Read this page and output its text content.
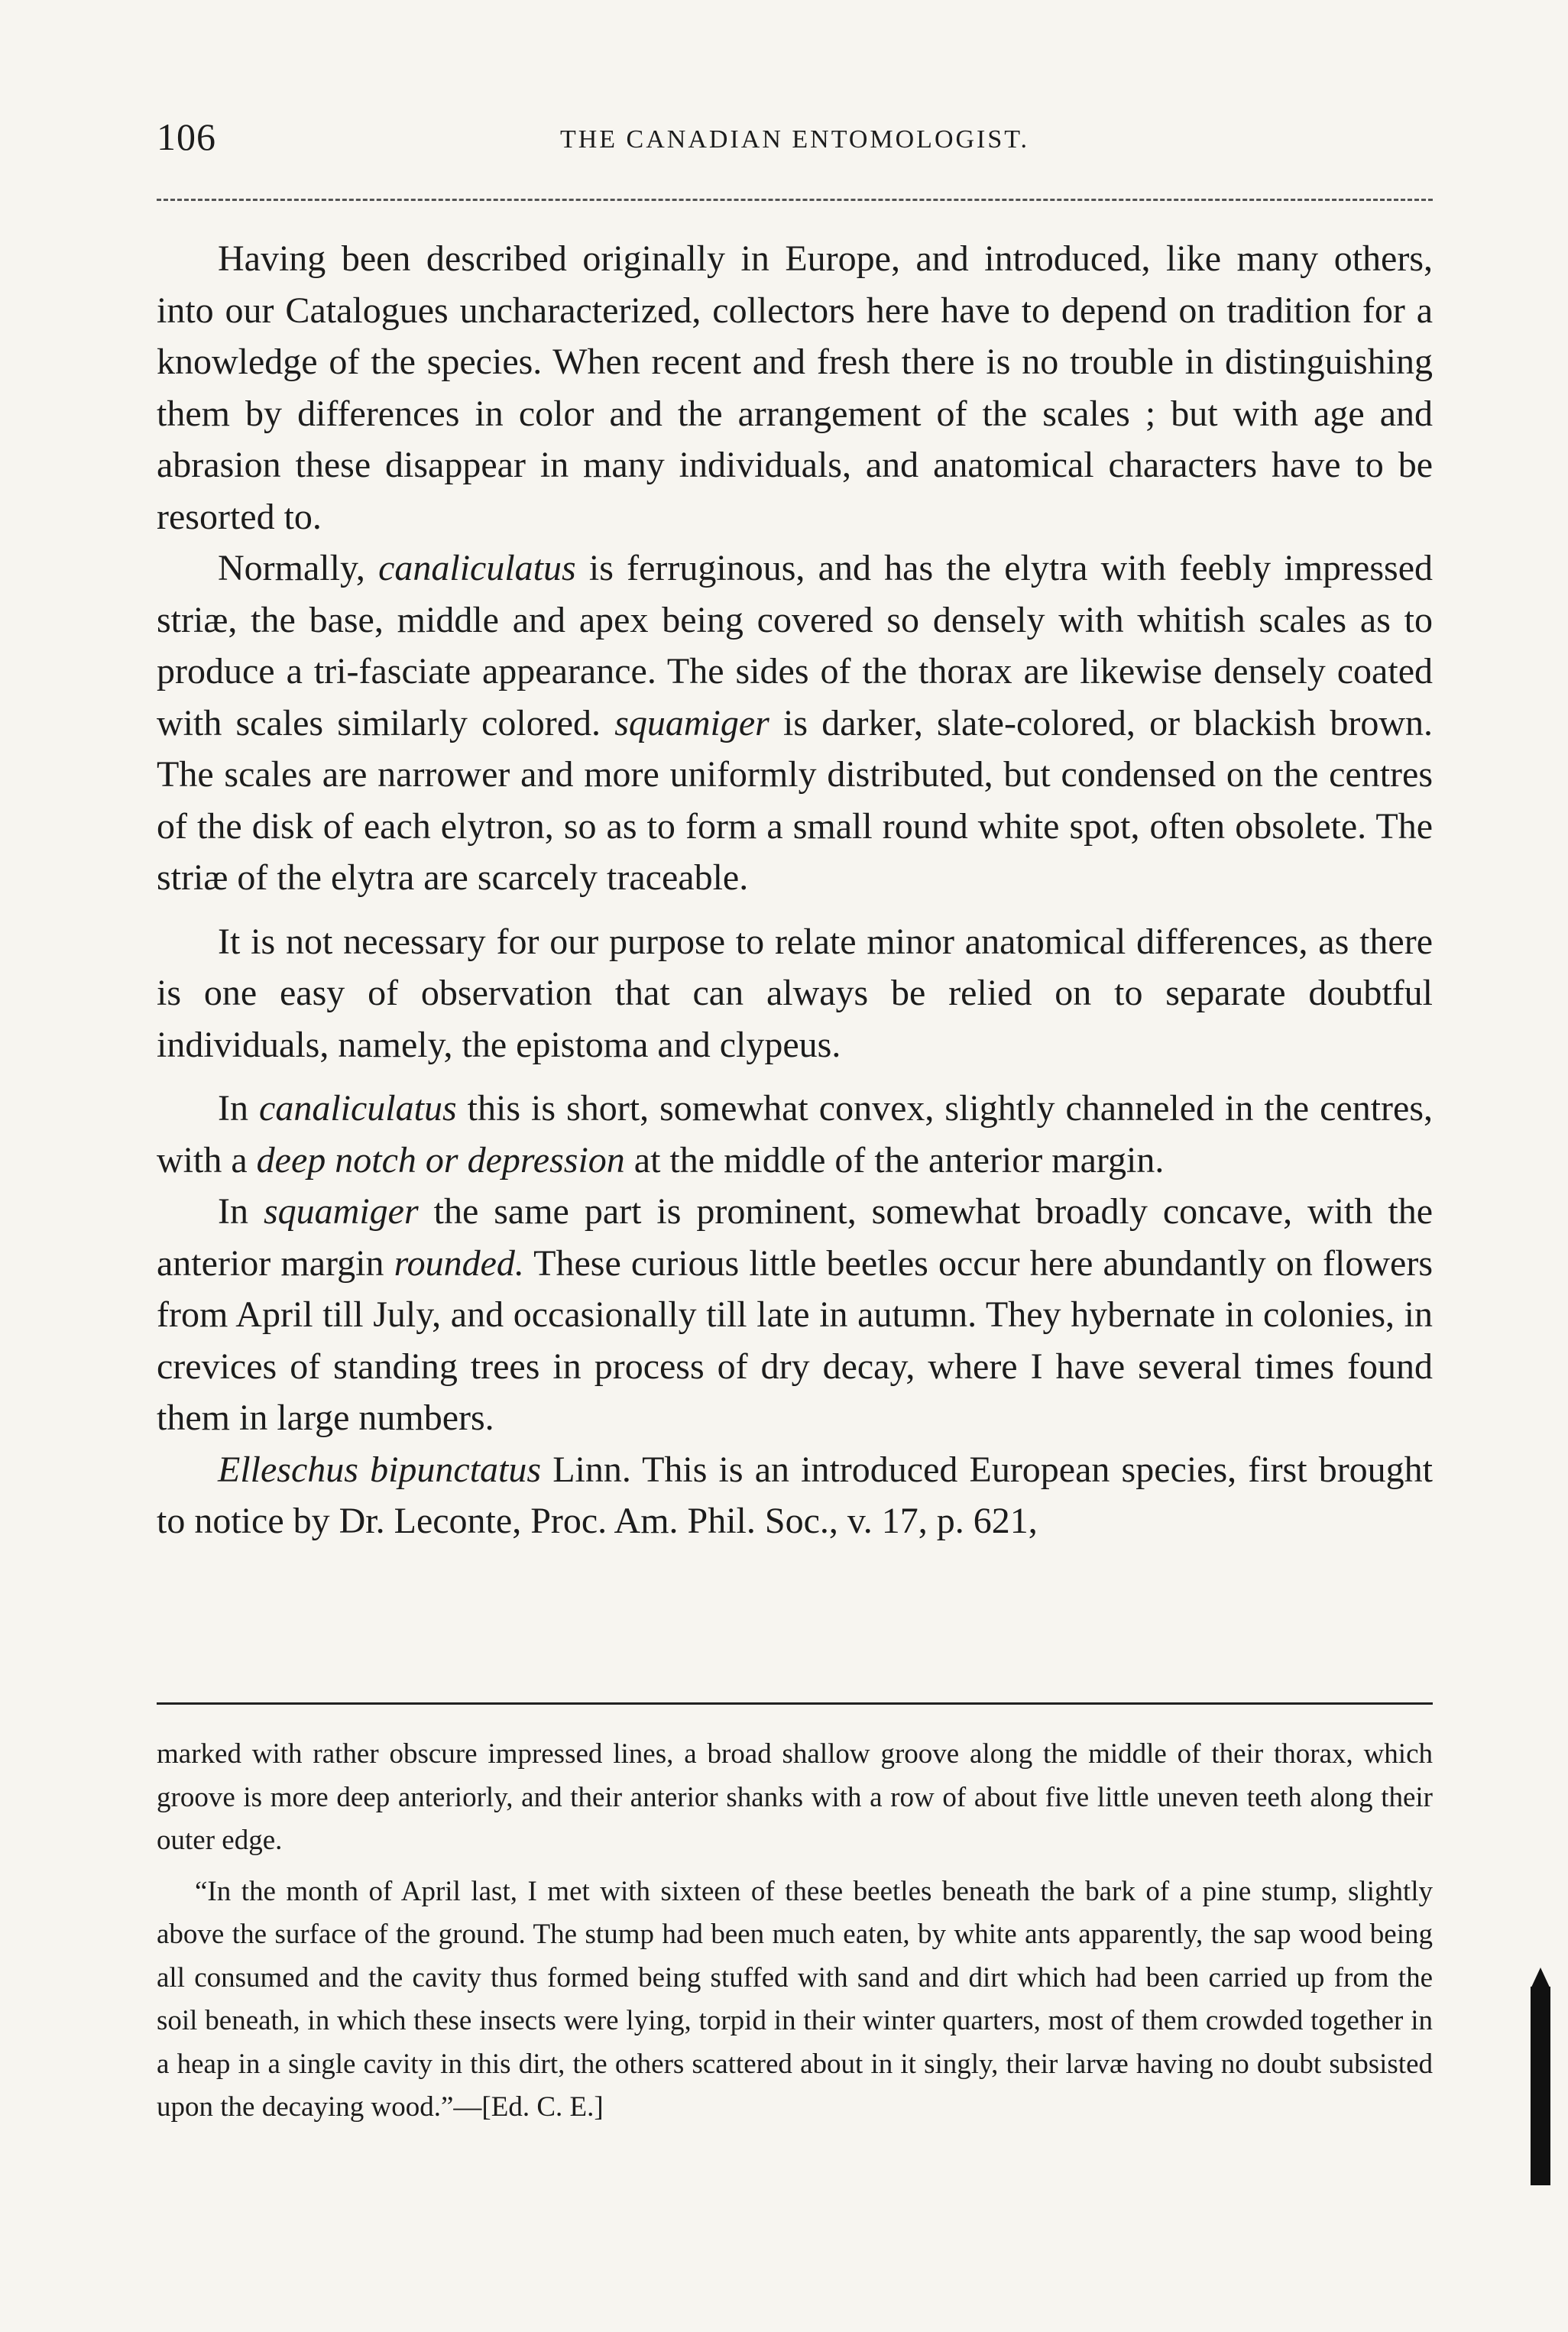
106	THE CANADIAN ENTOMOLOGIST.

Having been described originally in Europe, and introduced, like many others, into our Catalogues uncharacterized, collectors here have to depend on tradition for a knowledge of the species. When recent and fresh there is no trouble in distinguishing them by differences in color and the arrangement of the scales ; but with age and abrasion these disappear in many individuals, and anatomical characters have to be resorted to.

Normally, canaliculatus is ferruginous, and has the elytra with feebly impressed striæ, the base, middle and apex being covered so densely with whitish scales as to produce a tri-fasciate appearance. The sides of the thorax are likewise densely coated with scales similarly colored. squamiger is darker, slate-colored, or blackish brown. The scales are narrower and more uniformly distributed, but condensed on the centres of the disk of each elytron, so as to form a small round white spot, often obsolete. The striæ of the elytra are scarcely traceable.

It is not necessary for our purpose to relate minor anatomical differences, as there is one easy of observation that can always be relied on to separate doubtful individuals, namely, the epistoma and clypeus.

In canaliculatus this is short, somewhat convex, slightly channeled in the centres, with a deep notch or depression at the middle of the anterior margin.

In squamiger the same part is prominent, somewhat broadly concave, with the anterior margin rounded. These curious little beetles occur here abundantly on flowers from April till July, and occasionally till late in autumn. They hybernate in colonies, in crevices of standing trees in process of dry decay, where I have several times found them in large numbers.

Elleschus bipunctatus Linn. This is an introduced European species, first brought to notice by Dr. Leconte, Proc. Am. Phil. Soc., v. 17, p. 621,

marked with rather obscure impressed lines, a broad shallow groove along the middle of their thorax, which groove is more deep anteriorly, and their anterior shanks with a row of about five little uneven teeth along their outer edge.

“In the month of April last, I met with sixteen of these beetles beneath the bark of a pine stump, slightly above the surface of the ground. The stump had been much eaten, by white ants apparently, the sap wood being all consumed and the cavity thus formed being stuffed with sand and dirt which had been carried up from the soil beneath, in which these insects were lying, torpid in their winter quarters, most of them crowded together in a heap in a single cavity in this dirt, the others scattered about in it singly, their larvæ having no doubt subsisted upon the decaying wood.”—[Ed. C. E.]
